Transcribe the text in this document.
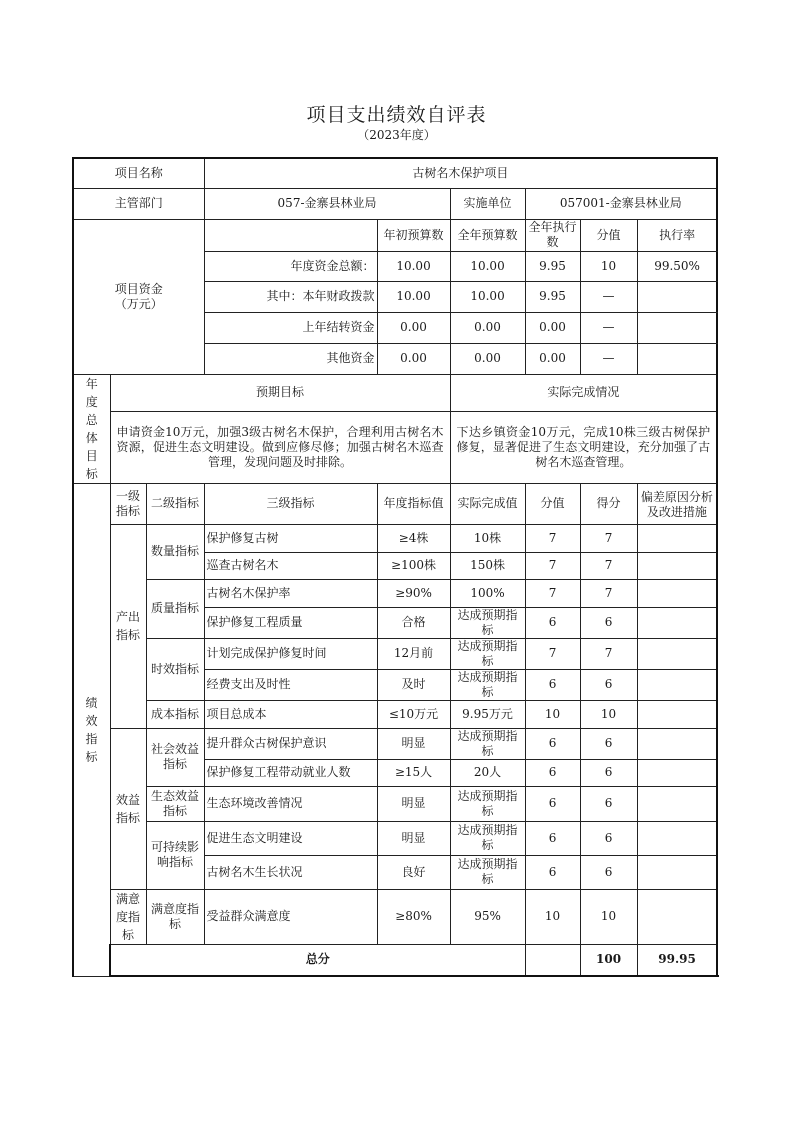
项目支出绩效自评表
（2023年度）
项目名称			古树名木保护项目						
主管部门			057-金寨县林业局		实施单位	057001-金寨县林业局			
项目资金（万元）				年初预算数	全年预算数	全年执行数	分值	执行率	
			年度资金总额：	10.00	10.00	9.95	10	99.50%	
			其中：本年财政拨款	10.00	10.00	9.95	—		
			上年结转资金	0.00	0.00	0.00	—		
			其他资金	0.00	0.00	0.00	—		
年度总体目标	预期目标				实际完成情况				
	申请资金10万元，加强3级古树名木保护，合理利用古树名木资源，促进生态文明建设。做到应修尽修；加强古树名木巡查管理，发现问题及时排除。				下达乡镇资金10万元，完成10株三级古树保护修复，显著促进了生态文明建设，充分加强了古树名木巡查管理。				
绩效指标	一级指标	二级指标	三级指标	年度指标值	实际完成值	分值	得分	偏差原因分析及改进措施	

	产出指标	数量指标	保护修复古树	≥4株	10株	7	7		
			巡查古树名木	≥100株	150株	7	7		
		质量指标	古树名木保护率	≥90%	100%	7	7		
			保护修复工程质量	合格	达成预期指标	6	6		
		时效指标	计划完成保护修复时间	12月前	达成预期指标	7	7		
			经费支出及时性	及时	达成预期指标	6	6		
		成本指标	项目总成本	≤10万元	9.95万元	10	10		
	效益指标	社会效益指标	提升群众古树保护意识	明显	达成预期指标	6	6		
			保护修复工程带动就业人数	≥15人	20人	6	6		
		生态效益指标	生态环境改善情况	明显	达成预期指标	6	6		
		可持续影响指标	促进生态文明建设	明显	达成预期指标	6	6		
			古树名木生长状况	良好	达成预期指标	6	6		
	满意度指标	满意度指标	受益群众满意度	≥80%	95%	10	10		
	总分						100	99.95	
